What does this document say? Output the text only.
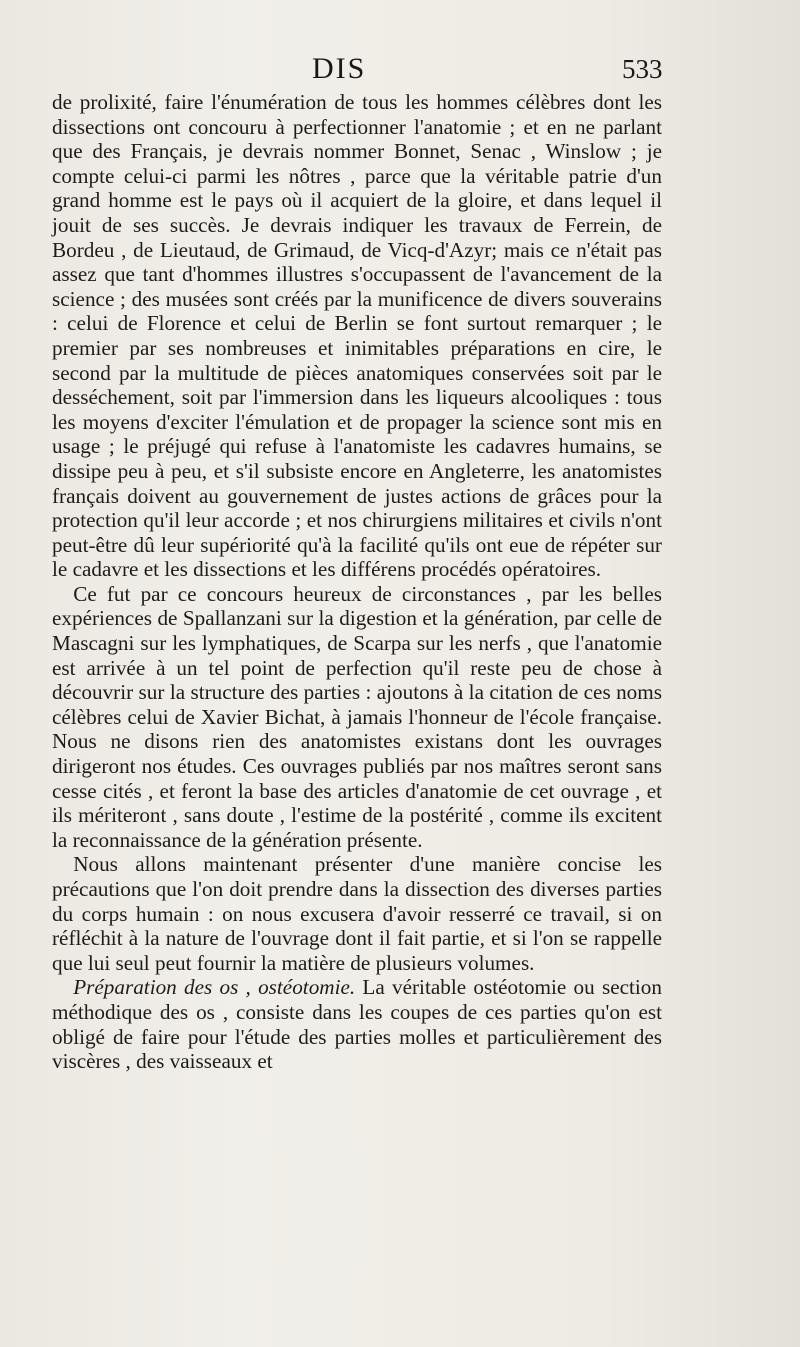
DIS	533

de prolixité, faire l'énumération de tous les hommes célèbres dont les dissections ont concouru à perfectionner l'anatomie ; et en ne parlant que des Français, je devrais nommer Bonnet, Senac , Winslow ; je compte celui-ci parmi les nôtres , parce que la véritable patrie d'un grand homme est le pays où il acquiert de la gloire, et dans lequel il jouit de ses succès. Je devrais indiquer les travaux de Ferrein, de Bordeu , de Lieutaud, de Grimaud, de Vicq-d'Azyr; mais ce n'était pas assez que tant d'hommes illustres s'occupassent de l'avancement de la science ; des musées sont créés par la munificence de divers souverains : celui de Florence et celui de Berlin se font surtout remarquer ; le premier par ses nombreuses et inimitables préparations en cire, le second par la multitude de pièces anatomiques conservées soit par le desséchement, soit par l'immersion dans les liqueurs alcooliques : tous les moyens d'exciter l'émulation et de propager la science sont mis en usage ; le préjugé qui refuse à l'anatomiste les cadavres humains, se dissipe peu à peu, et s'il subsiste encore en Angleterre, les anatomistes français doivent au gouvernement de justes actions de grâces pour la protection qu'il leur accorde ; et nos chirurgiens militaires et civils n'ont peut-être dû leur supériorité qu'à la facilité qu'ils ont eue de répéter sur le cadavre et les dissections et les différens procédés opératoires.

Ce fut par ce concours heureux de circonstances , par les belles expériences de Spallanzani sur la digestion et la génération, par celle de Mascagni sur les lymphatiques, de Scarpa sur les nerfs , que l'anatomie est arrivée à un tel point de perfection qu'il reste peu de chose à découvrir sur la structure des parties : ajoutons à la citation de ces noms célèbres celui de Xavier Bichat, à jamais l'honneur de l'école française. Nous ne disons rien des anatomistes existans dont les ouvrages dirigeront nos études. Ces ouvrages publiés par nos maîtres seront sans cesse cités , et feront la base des articles d'anatomie de cet ouvrage , et ils mériteront , sans doute , l'estime de la postérité , comme ils excitent la reconnaissance de la génération présente.

Nous allons maintenant présenter d'une manière concise les précautions que l'on doit prendre dans la dissection des diverses parties du corps humain : on nous excusera d'avoir resserré ce travail, si on réfléchit à la nature de l'ouvrage dont il fait partie, et si l'on se rappelle que lui seul peut fournir la matière de plusieurs volumes.

Préparation des os , ostéotomie. La véritable ostéotomie ou section méthodique des os , consiste dans les coupes de ces parties qu'on est obligé de faire pour l'étude des parties molles et particulièrement des viscères , des vaisseaux et
